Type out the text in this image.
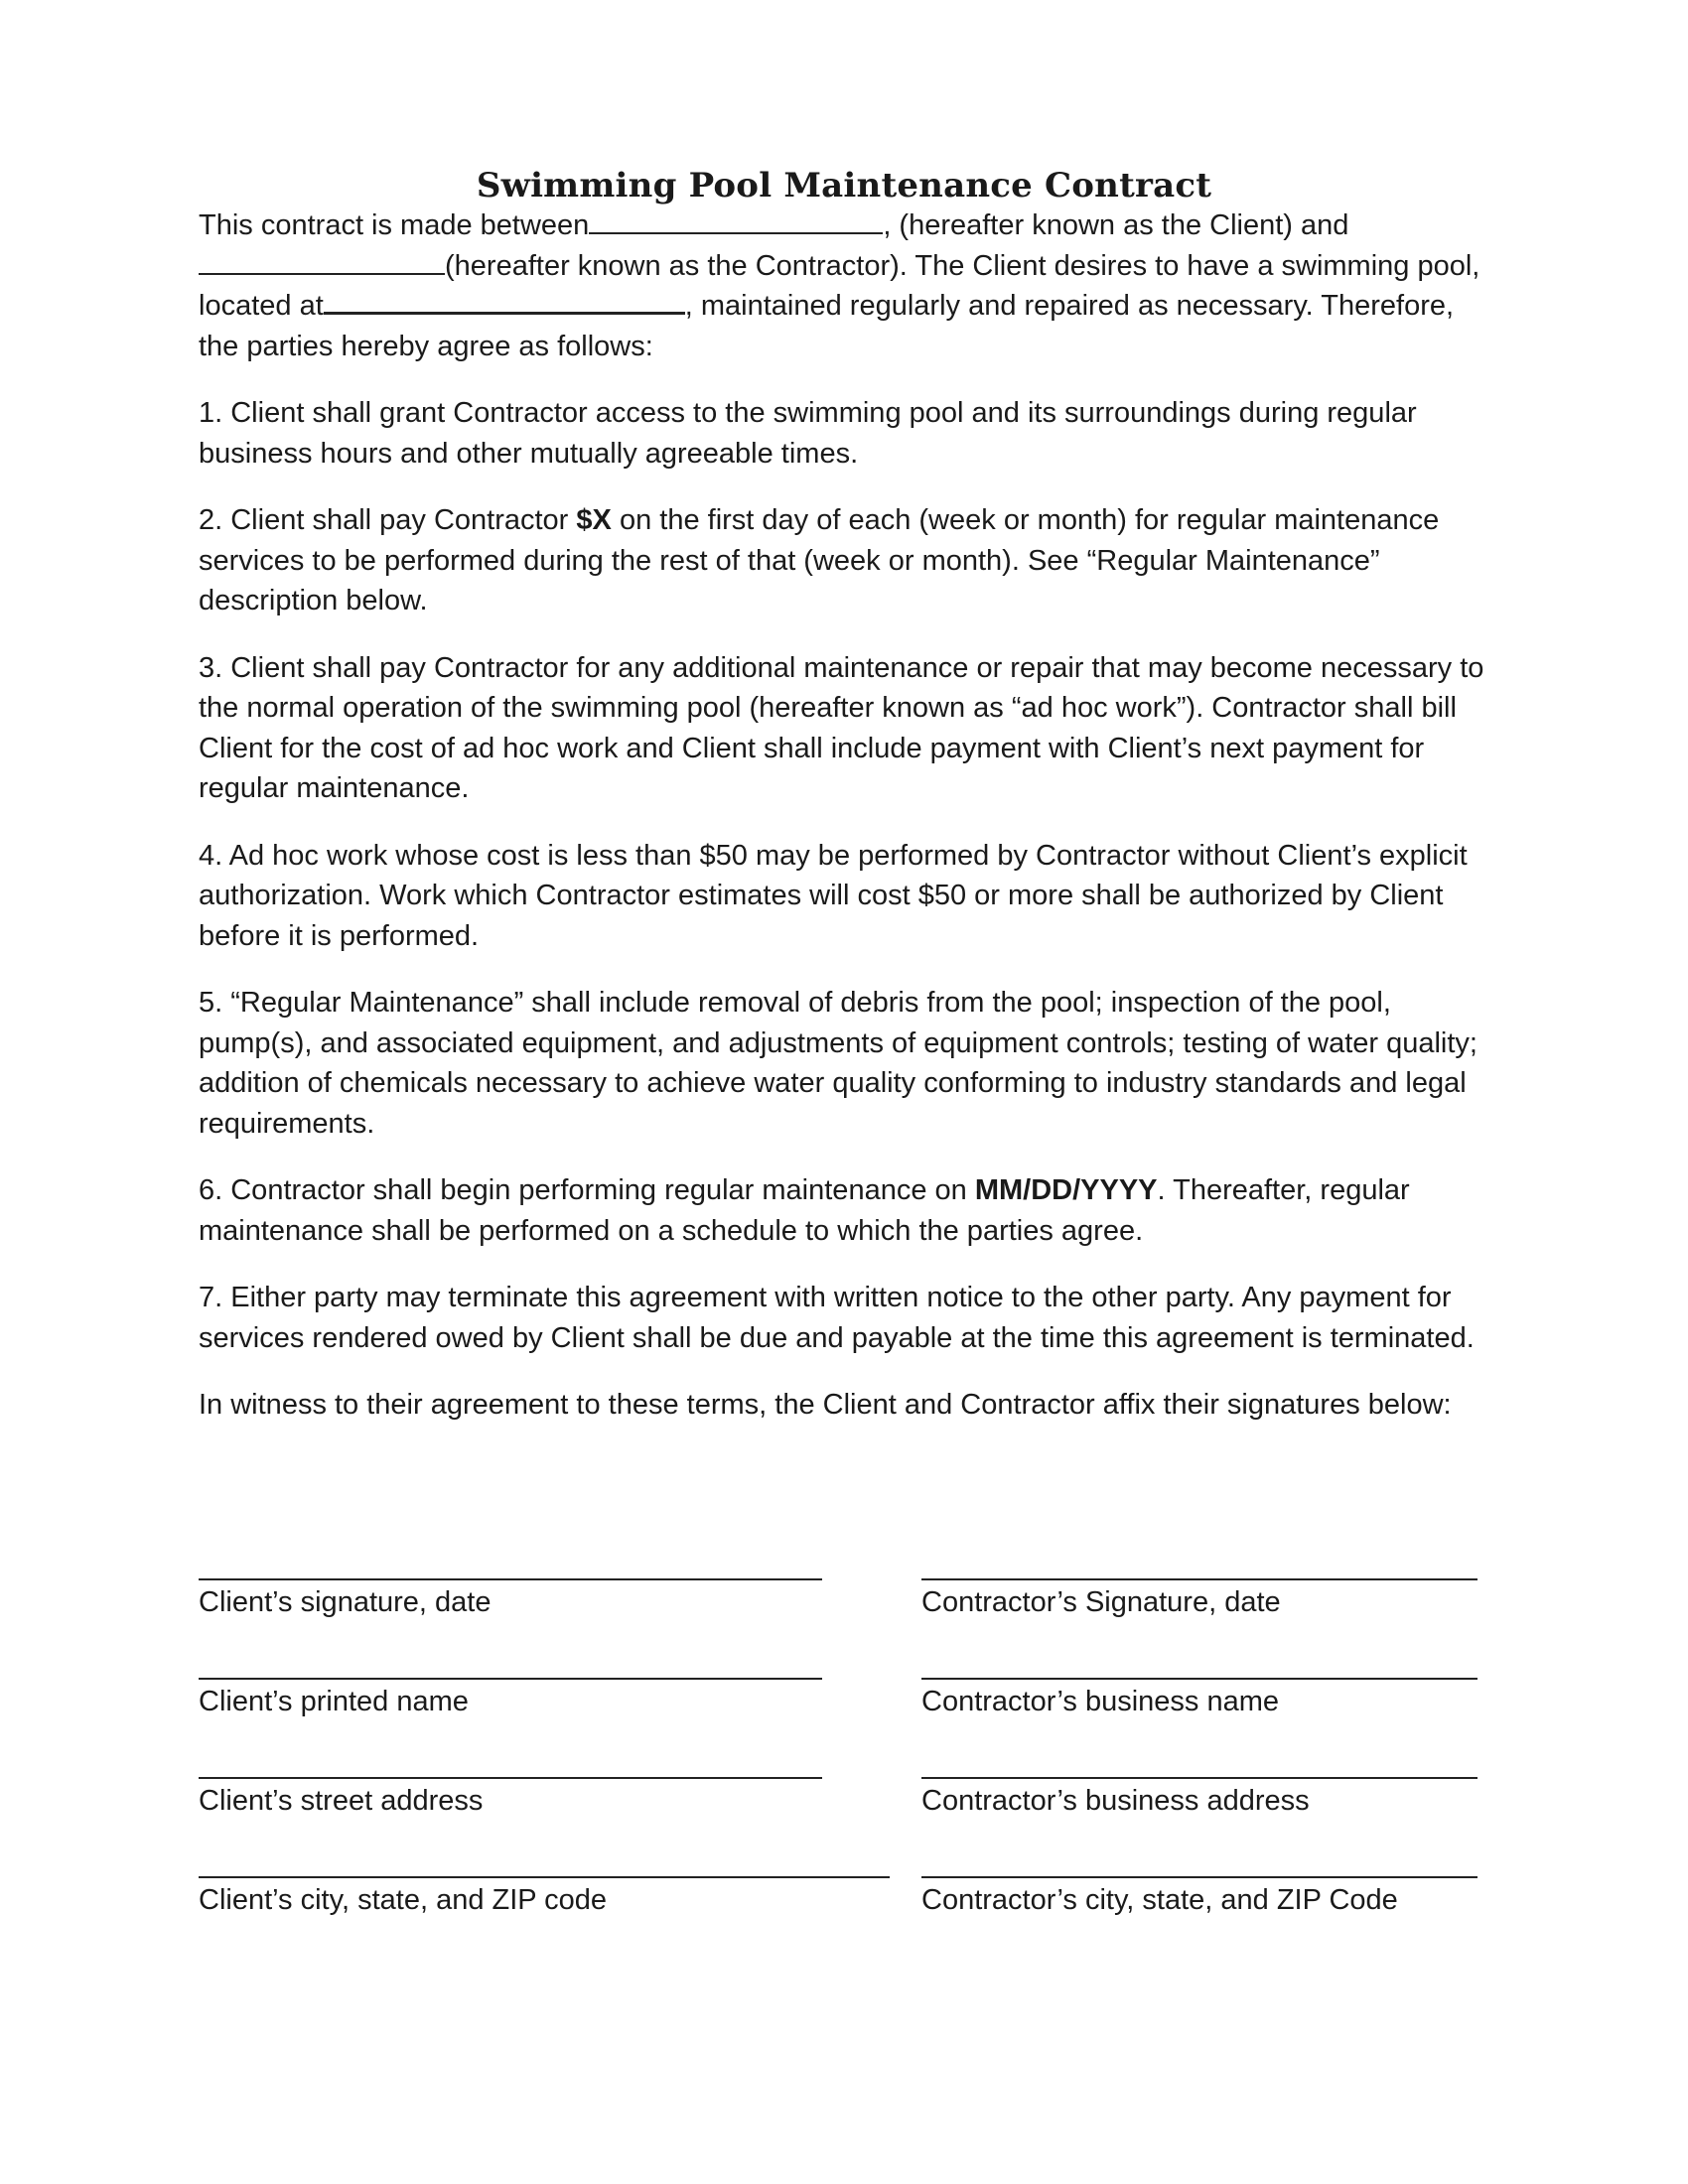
Swimming Pool Maintenance Contract

This contract is made between	, (hereafter known as the Client) and
(hereafter known as the Contractor). The Client desires to have a swimming pool, located at	, maintained regularly and repaired as necessary. Therefore, the parties hereby agree as follows:

1. Client shall grant Contractor access to the swimming pool and its surroundings during regular business hours and other mutually agreeable times.

2. Client shall pay Contractor $X on the first day of each (week or month) for regular maintenance services to be performed during the rest of that (week or month). See “Regular Maintenance” description below.

3. Client shall pay Contractor for any additional maintenance or repair that may become necessary to the normal operation of the swimming pool (hereafter known as “ad hoc work”). Contractor shall bill Client for the cost of ad hoc work and Client shall include payment with Client’s next payment for regular maintenance.

4. Ad hoc work whose cost is less than $50 may be performed by Contractor without Client’s explicit authorization. Work which Contractor estimates will cost $50 or more shall be authorized by Client before it is performed.

5. “Regular Maintenance” shall include removal of debris from the pool; inspection of the pool, pump(s), and associated equipment, and adjustments of equipment controls; testing of water quality; addition of chemicals necessary to achieve water quality conforming to industry standards and legal requirements.

6. Contractor shall begin performing regular maintenance on MM/DD/YYYY. Thereafter, regular maintenance shall be performed on a schedule to which the parties agree.

7. Either party may terminate this agreement with written notice to the other party. Any payment for services rendered owed by Client shall be due and payable at the time this agreement is terminated.

In witness to their agreement to these terms, the Client and Contractor affix their signatures below:

Client’s signature, date	Contractor’s Signature, date
Client’s printed name	Contractor’s business name
Client’s street address	Contractor’s business address
Client’s city, state, and ZIP code	Contractor’s city, state, and ZIP Code
